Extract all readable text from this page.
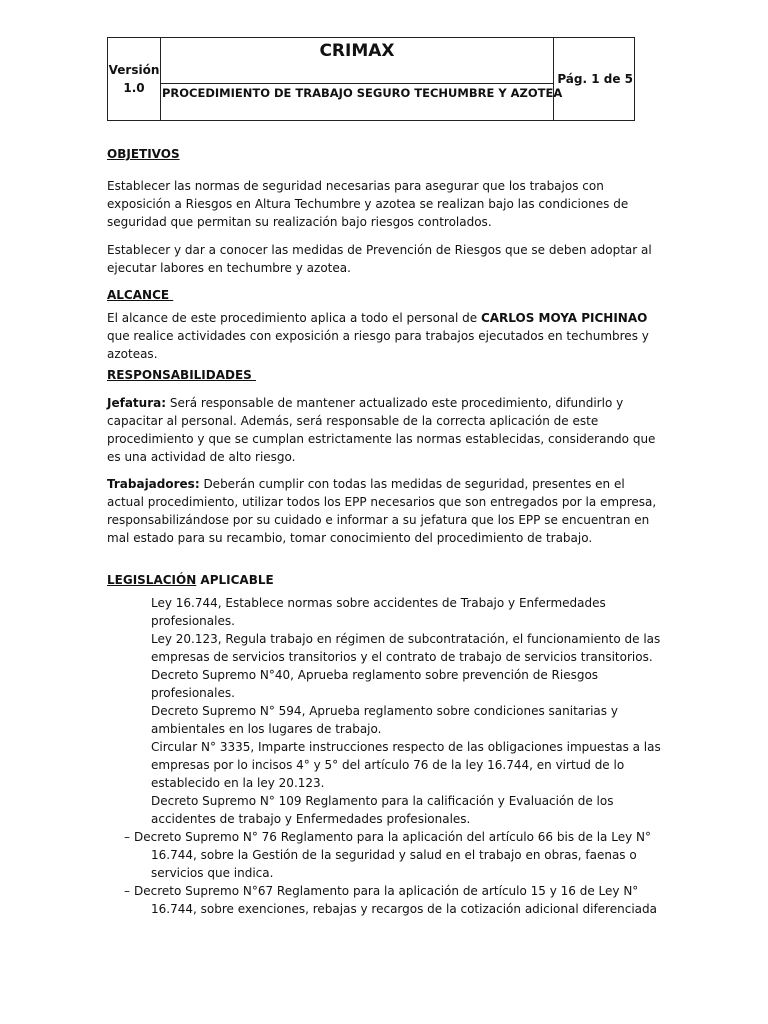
Versión
1.0
CRIMAX
PROCEDIMIENTO DE TRABAJO SEGURO TECHUMBRE Y AZOTEA
Pág. 1 de 5
OBJETIVOS

Establecer las normas de seguridad necesarias para asegurar que los trabajos con exposición a Riesgos en Altura Techumbre y azotea se realizan bajo las condiciones de seguridad que permitan su realización bajo riesgos controlados.

Establecer y dar a conocer las medidas de Prevención de Riesgos que se deben adoptar al ejecutar labores en techumbre y azotea.

ALCANCE

El alcance de este procedimiento aplica a todo el personal de CARLOS MOYA PICHINAO que realice actividades con exposición a riesgo para trabajos ejecutados en techumbres y azoteas.

RESPONSABILIDADES

Jefatura: Será responsable de mantener actualizado este procedimiento, difundirlo y capacitar al personal. Además, será responsable de la correcta aplicación de este procedimiento y que se cumplan estrictamente las normas establecidas, considerando que es una actividad de alto riesgo.

Trabajadores: Deberán cumplir con todas las medidas de seguridad, presentes en el actual procedimiento, utilizar todos los EPP necesarios que son entregados por la empresa, responsabilizándose por su cuidado e informar a su jefatura que los EPP se encuentran en mal estado para su recambio, tomar conocimiento del procedimiento de trabajo.

LEGISLACIÓN APLICABLE
Ley 16.744, Establece normas sobre accidentes de Trabajo y Enfermedades profesionales.
Ley 20.123, Regula trabajo en régimen de subcontratación, el funcionamiento de las empresas de servicios transitorios y el contrato de trabajo de servicios transitorios.
Decreto Supremo N°40, Aprueba reglamento sobre prevención de Riesgos profesionales.
Decreto Supremo N° 594, Aprueba reglamento sobre condiciones sanitarias y ambientales en los lugares de trabajo.
Circular N° 3335, Imparte instrucciones respecto de las obligaciones impuestas a las empresas por lo incisos 4° y 5° del artículo 76 de la ley 16.744, en virtud de lo establecido en la ley 20.123.
Decreto Supremo N° 109 Reglamento para la calificación y Evaluación de los accidentes de trabajo y Enfermedades profesionales.
– Decreto Supremo N° 76 Reglamento para la aplicación del artículo 66 bis de la Ley N° 16.744, sobre la Gestión de la seguridad y salud en el trabajo en obras, faenas o servicios que indica.
– Decreto Supremo N°67 Reglamento para la aplicación de artículo 15 y 16 de Ley N° 16.744, sobre exenciones, rebajas y recargos de la cotización adicional diferenciada
